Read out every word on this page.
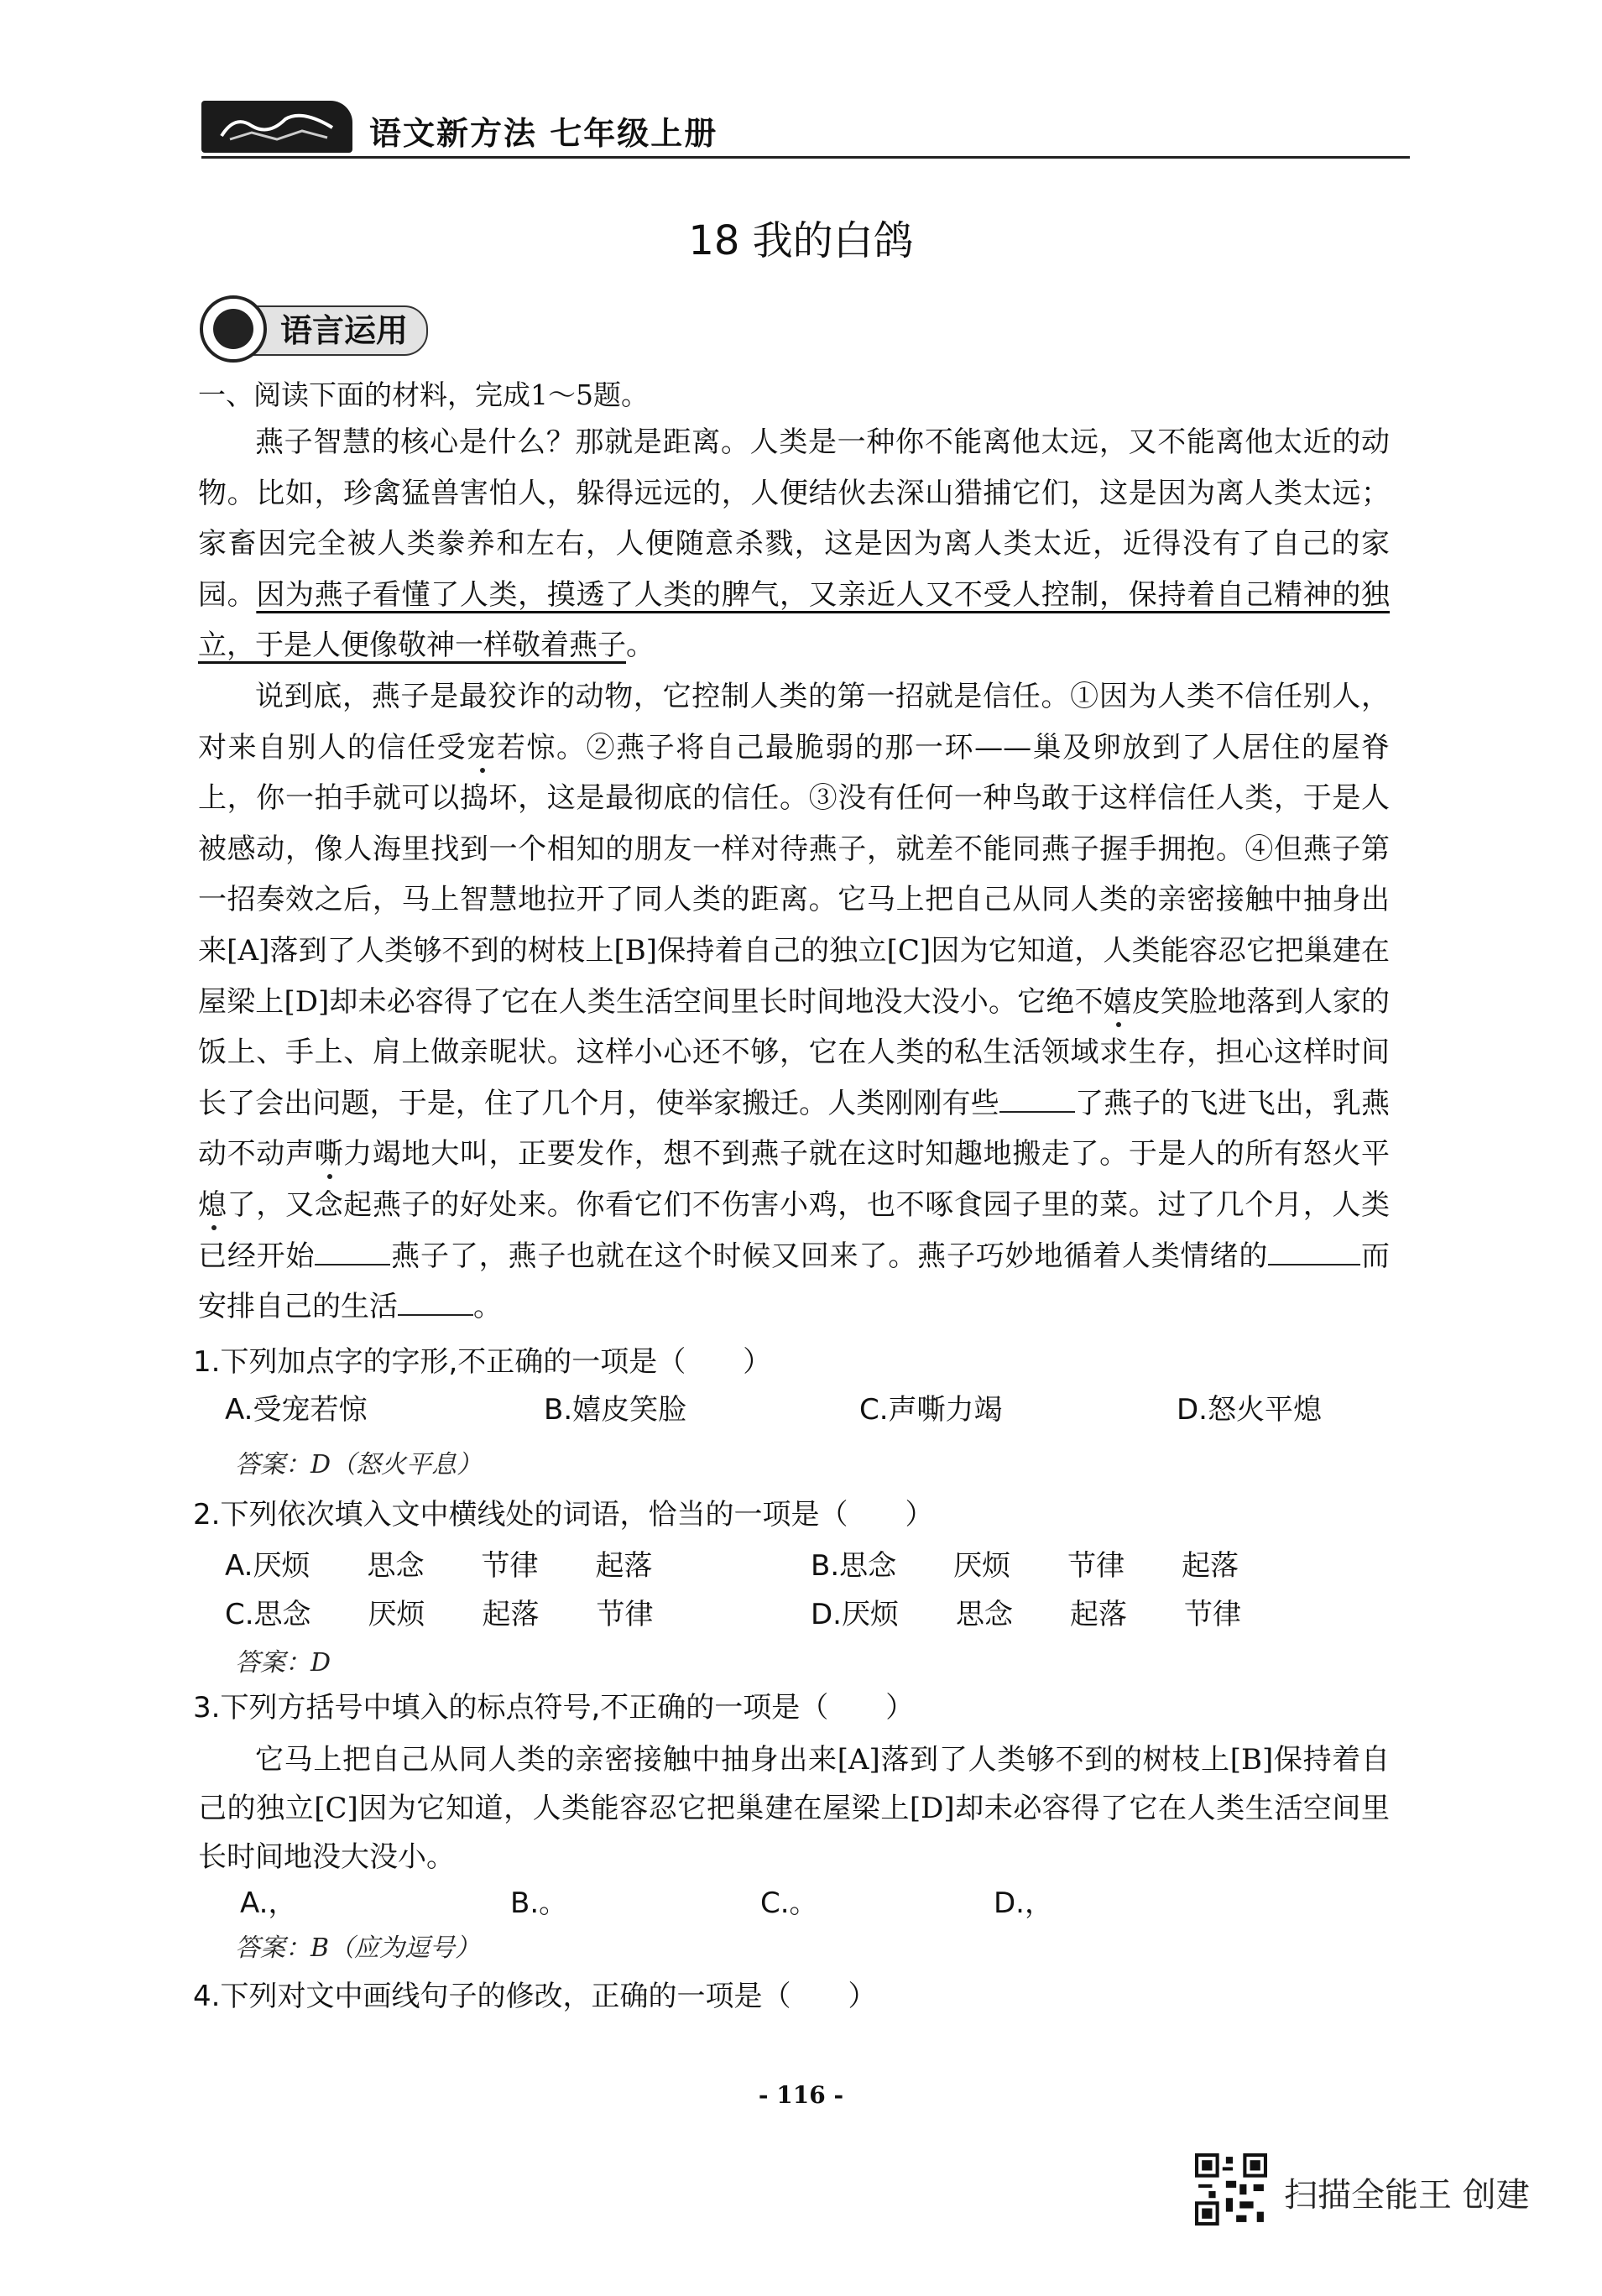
语文新方法 七年级上册
18 我的白鸽
语言运用
一、阅读下面的材料，完成1～5题。

燕子智慧的核心是什么？那就是距离。人类是一种你不能离他太远，又不能离他太近的动物。比如，珍禽猛兽害怕人，躲得远远的，人便结伙去深山猎捕它们，这是因为离人类太远；家畜因完全被人类豢养和左右，人便随意杀戮，这是因为离人类太近，近得没有了自己的家园。因为燕子看懂了人类，摸透了人类的脾气，又亲近人又不受人控制，保持着自己精神的独立，于是人便像敬神一样敬着燕子。

说到底，燕子是最狡诈的动物，它控制人类的第一招就是信任。①因为人类不信任别人，对来自别人的信任受宠若惊。②燕子将自己最脆弱的那一环——巢及卵放到了人居住的屋脊上，你一拍手就可以捣坏，这是最彻底的信任。③没有任何一种鸟敢于这样信任人类，于是人被感动，像人海里找到一个相知的朋友一样对待燕子，就差不能同燕子握手拥抱。④但燕子第一招奏效之后，马上智慧地拉开了同人类的距离。它马上把自己从同人类的亲密接触中抽身出来[A]落到了人类够不到的树枝上[B]保持着自己的独立[C]因为它知道，人类能容忍它把巢建在屋梁上[D]却未必容得了它在人类生活空间里长时间地没大没小。它绝不嬉皮笑脸地落到人家的饭上、手上、肩上做亲昵状。这样小心还不够，它在人类的私生活领域求生存，担心这样时间长了会出问题，于是，住了几个月，使举家搬迁。人类刚刚有些	了燕子的飞进飞出，乳燕动不动声嘶力竭地大叫，正要发作，想不到燕子就在这时知趣地搬走了。于是人的所有怒火平熄了，又念起燕子的好处来。你看它们不伤害小鸡，也不啄食园子里的菜。过了几个月，人类已经开始	燕子了，燕子也就在这个时候又回来了。燕子巧妙地循着人类情绪的	而安排自己的生活	。

1.下列加点字的字形,不正确的一项是（　　）
A.受宠若惊	B.嬉皮笑脸	C.声嘶力竭	D.怒火平熄
答案：D（怒火平息）
2.下列依次填入文中横线处的词语，恰当的一项是（　　）
A.厌烦　　思念　　节律　　起落	B.思念　　厌烦　　节律　　起落
C.思念　　厌烦　　起落　　节律	D.厌烦　　思念　　起落　　节律
答案：D
3.下列方括号中填入的标点符号,不正确的一项是（　　）

它马上把自己从同人类的亲密接触中抽身出来[A]落到了人类够不到的树枝上[B]保持着自己的独立[C]因为它知道，人类能容忍它把巢建在屋梁上[D]却未必容得了它在人类生活空间里长时间地没大没小。

A.，	B.。	C.。	D.，
答案：B（应为逗号）
4.下列对文中画线句子的修改，正确的一项是（　　）
- 116 -
扫描全能王 创建
